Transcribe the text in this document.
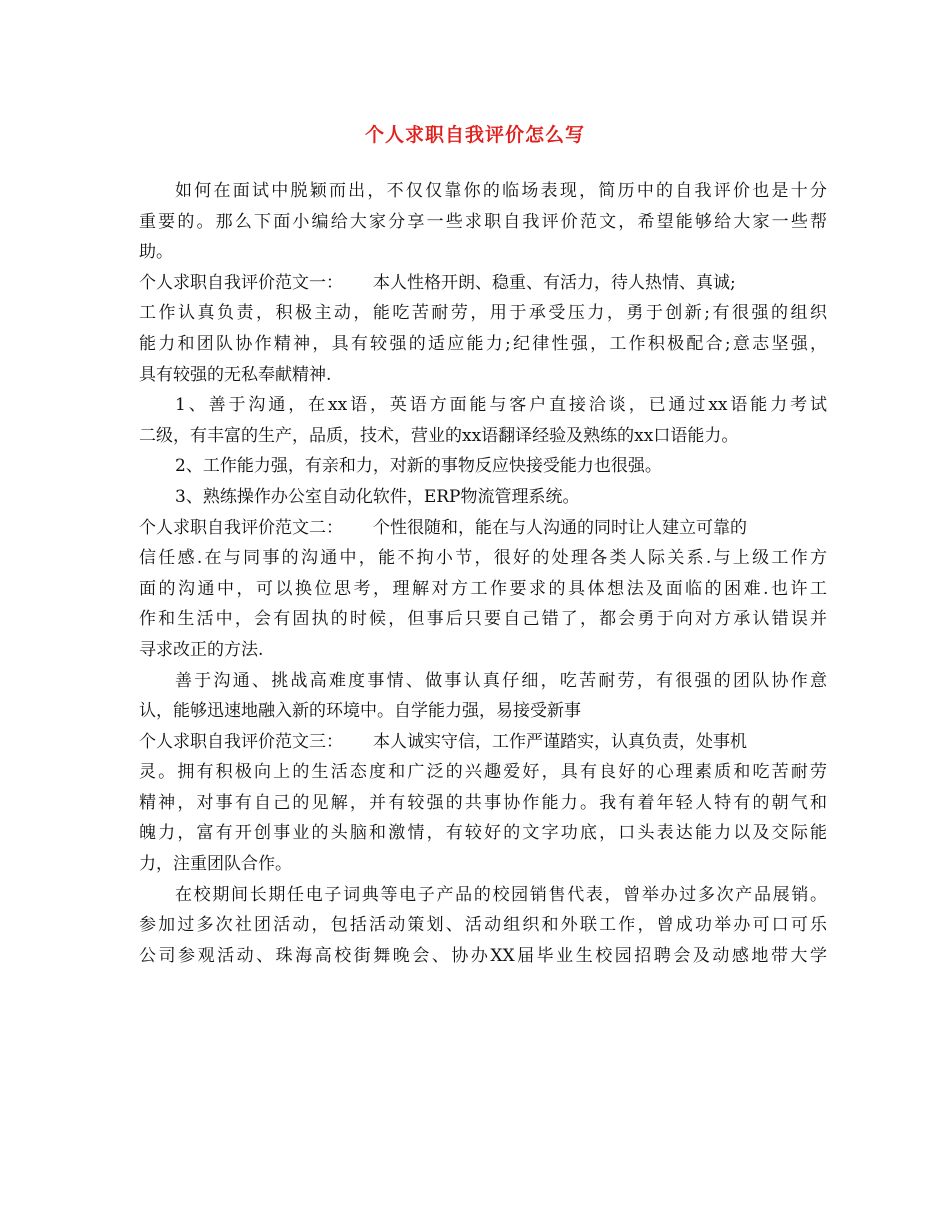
个人求职自我评价怎么写
如何在面试中脱颖而出，不仅仅靠你的临场表现，简历中的自我评价也是十分
重要的。那么下面小编给大家分享一些求职自我评价范文，希望能够给大家一些帮
助。
个人求职自我评价范文一： 本人性格开朗、稳重、有活力，待人热情、真诚;
工作认真负责，积极主动，能吃苦耐劳，用于承受压力，勇于创新;有很强的组织
能力和团队协作精神，具有较强的适应能力;纪律性强，工作积极配合;意志坚强，
具有较强的无私奉献精神.
1、善于沟通，在xx语，英语方面能与客户直接洽谈，已通过xx语能力考试
二级，有丰富的生产，品质，技术，营业的xx语翻译经验及熟练的xx口语能力。
2、工作能力强，有亲和力，对新的事物反应快接受能力也很强。
3、熟练操作办公室自动化软件，ERP物流管理系统。
个人求职自我评价范文二： 个性很随和，能在与人沟通的同时让人建立可靠的
信任感.在与同事的沟通中，能不拘小节，很好的处理各类人际关系.与上级工作方
面的沟通中，可以换位思考，理解对方工作要求的具体想法及面临的困难.也许工
作和生活中，会有固执的时候，但事后只要自己错了，都会勇于向对方承认错误并
寻求改正的方法.
善于沟通、挑战高难度事情、做事认真仔细，吃苦耐劳，有很强的团队协作意
认，能够迅速地融入新的环境中。自学能力强，易接受新事
个人求职自我评价范文三： 本人诚实守信，工作严谨踏实，认真负责，处事机
灵。拥有积极向上的生活态度和广泛的兴趣爱好，具有良好的心理素质和吃苦耐劳
精神，对事有自己的见解，并有较强的共事协作能力。我有着年轻人特有的朝气和
魄力，富有开创事业的头脑和激情，有较好的文字功底，口头表达能力以及交际能
力，注重团队合作。
在校期间长期任电子词典等电子产品的校园销售代表，曾举办过多次产品展销。
参加过多次社团活动，包括活动策划、活动组织和外联工作，曾成功举办可口可乐
公司参观活动、珠海高校街舞晚会、协办XX届毕业生校园招聘会及动感地带大学
